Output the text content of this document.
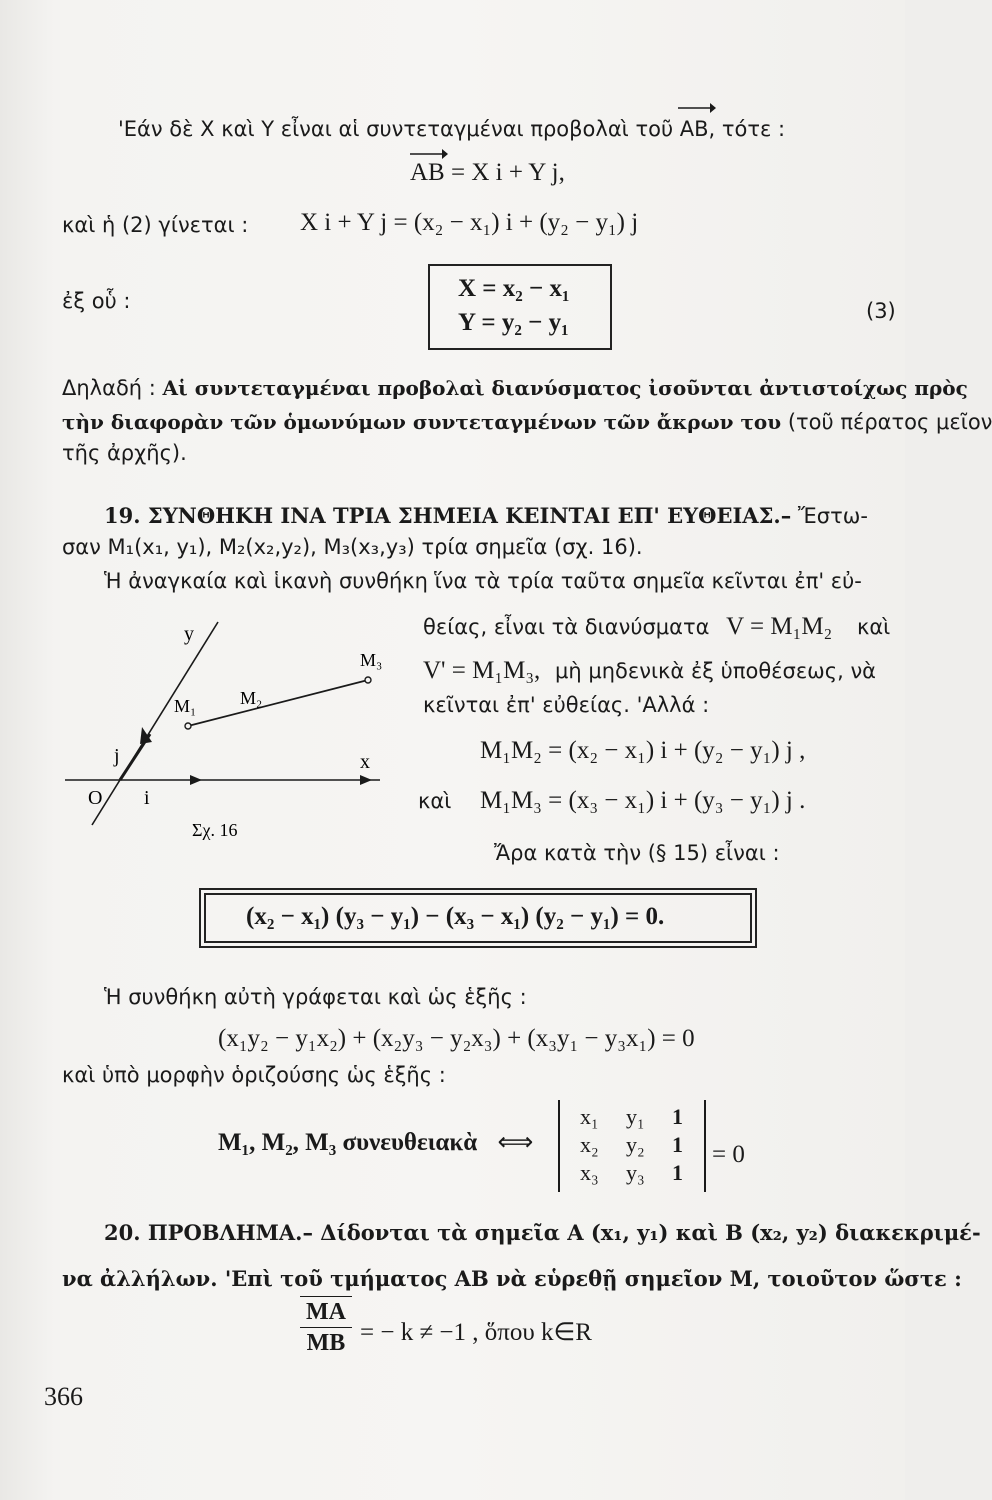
'Εάν δὲ X καὶ Y εἶναι αἱ συντεταγμέναι προβολαὶ τοῦ AB, τότε :
AB = X i + Y j,
καὶ ἡ (2) γίνεται : X i + Y j = (x₂ − x₁) i + (y₂ − y₁) j
ἐξ οὗ :	X = x₂ − x₁
Y = y₂ − y₁	(3)
Δηλαδή : Αἱ συντεταγμέναι προβολαὶ διανύσματος ἰσοῦνται ἀντιστοίχως πρὸς
τὴν διαφορὰν τῶν ὁμωνύμων συντεταγμένων τῶν ἄκρων του (τοῦ πέρατος μεῖον
τῆς ἀρχῆς).
19. ΣΥΝΘΗΚΗ ΙΝΑ ΤΡΙΑ ΣΗΜΕΙΑ ΚΕΙΝΤΑΙ ΕΠ' ΕΥΘΕΙΑΣ.– Ἔστω-
σαν M₁(x₁, y₁), M₂(x₂,y₂), M₃(x₃,y₃) τρία σημεῖα (σχ. 16).
Ἡ ἀναγκαία καὶ ἱκανὴ συνθήκη ἵνα τὰ τρία ταῦτα σημεῖα κεῖνται ἐπ' εὐ-
θείας, εἶναι τὰ διανύσματα V = M₁M₂ καὶ
V' = M₁M₃, μὴ μηδενικὰ ἐξ ὑποθέσεως, νὰ
κεῖνται ἐπ' εὐθείας. 'Αλλά :
M₁M₂ = (x₂ − x₁) i + (y₂ − y₁) j ,
καὶ M₁M₃ = (x₃ − x₁) i + (y₃ − y₁) j .
Ἄρα κατὰ τὴν (§ 15) εἶναι :
y
x
O i
j
M₁ M₂
M₃
Σχ. 16
(x₂ − x₁) (y₃ − y₁) − (x₃ − x₁) (y₂ − y₁) = 0.
Ἡ συνθήκη αὐτὴ γράφεται καὶ ὡς ἑξῆς :
(x₁y₂ − y₁x₂) + (x₂y₃ − y₂x₃) + (x₃y₁ − y₃x₁) = 0
καὶ ὑπὸ μορφὴν ὁριζούσης ὡς ἑξῆς :
M₁, M₂, M₃ συνευθειακὰ ⟺
x₁ y₁ 1
x₂ y₂ 1
x₃ y₃ 1
= 0
20. ΠΡΟΒΛΗΜΑ.– Δίδονται τὰ σημεῖα A (x₁, y₁) καὶ B (x₂, y₂) διακεκριμέ-
να ἀλλήλων. 'Επὶ τοῦ τμήματος AB νὰ εὑρεθῇ σημεῖον M, τοιοῦτον ὥστε :
$\frac{MA}{MB}$ = − k ≠ −1 , ὅπου k∈R
366
